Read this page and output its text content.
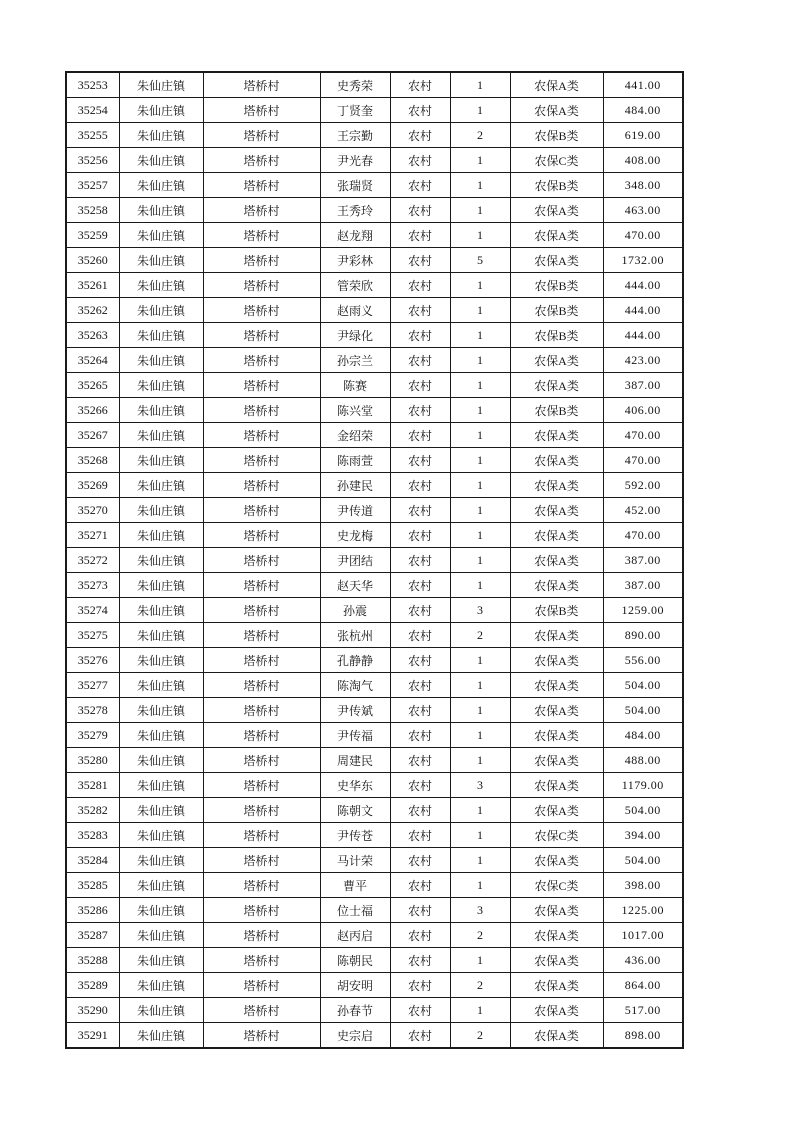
35253	朱仙庄镇	塔桥村	史秀荣	农村	1	农保A类	441.00
35254	朱仙庄镇	塔桥村	丁贤奎	农村	1	农保A类	484.00
35255	朱仙庄镇	塔桥村	王宗勤	农村	2	农保B类	619.00
35256	朱仙庄镇	塔桥村	尹光春	农村	1	农保C类	408.00
35257	朱仙庄镇	塔桥村	张瑞贤	农村	1	农保B类	348.00
35258	朱仙庄镇	塔桥村	王秀玲	农村	1	农保A类	463.00
35259	朱仙庄镇	塔桥村	赵龙翔	农村	1	农保A类	470.00
35260	朱仙庄镇	塔桥村	尹彩林	农村	5	农保A类	1732.00
35261	朱仙庄镇	塔桥村	管荣欣	农村	1	农保B类	444.00
35262	朱仙庄镇	塔桥村	赵雨义	农村	1	农保B类	444.00
35263	朱仙庄镇	塔桥村	尹绿化	农村	1	农保B类	444.00
35264	朱仙庄镇	塔桥村	孙宗兰	农村	1	农保A类	423.00
35265	朱仙庄镇	塔桥村	陈赛	农村	1	农保A类	387.00
35266	朱仙庄镇	塔桥村	陈兴堂	农村	1	农保B类	406.00
35267	朱仙庄镇	塔桥村	金绍荣	农村	1	农保A类	470.00
35268	朱仙庄镇	塔桥村	陈雨萱	农村	1	农保A类	470.00
35269	朱仙庄镇	塔桥村	孙建民	农村	1	农保A类	592.00
35270	朱仙庄镇	塔桥村	尹传道	农村	1	农保A类	452.00
35271	朱仙庄镇	塔桥村	史龙梅	农村	1	农保A类	470.00
35272	朱仙庄镇	塔桥村	尹团结	农村	1	农保A类	387.00
35273	朱仙庄镇	塔桥村	赵天华	农村	1	农保A类	387.00
35274	朱仙庄镇	塔桥村	孙震	农村	3	农保B类	1259.00
35275	朱仙庄镇	塔桥村	张杭州	农村	2	农保A类	890.00
35276	朱仙庄镇	塔桥村	孔静静	农村	1	农保A类	556.00
35277	朱仙庄镇	塔桥村	陈淘气	农村	1	农保A类	504.00
35278	朱仙庄镇	塔桥村	尹传斌	农村	1	农保A类	504.00
35279	朱仙庄镇	塔桥村	尹传福	农村	1	农保A类	484.00
35280	朱仙庄镇	塔桥村	周建民	农村	1	农保A类	488.00
35281	朱仙庄镇	塔桥村	史华东	农村	3	农保A类	1179.00
35282	朱仙庄镇	塔桥村	陈朝文	农村	1	农保A类	504.00
35283	朱仙庄镇	塔桥村	尹传苍	农村	1	农保C类	394.00
35284	朱仙庄镇	塔桥村	马计荣	农村	1	农保A类	504.00
35285	朱仙庄镇	塔桥村	曹平	农村	1	农保C类	398.00
35286	朱仙庄镇	塔桥村	位士福	农村	3	农保A类	1225.00
35287	朱仙庄镇	塔桥村	赵丙启	农村	2	农保A类	1017.00
35288	朱仙庄镇	塔桥村	陈朝民	农村	1	农保A类	436.00
35289	朱仙庄镇	塔桥村	胡安明	农村	2	农保A类	864.00
35290	朱仙庄镇	塔桥村	孙春节	农村	1	农保A类	517.00
35291	朱仙庄镇	塔桥村	史宗启	农村	2	农保A类	898.00
